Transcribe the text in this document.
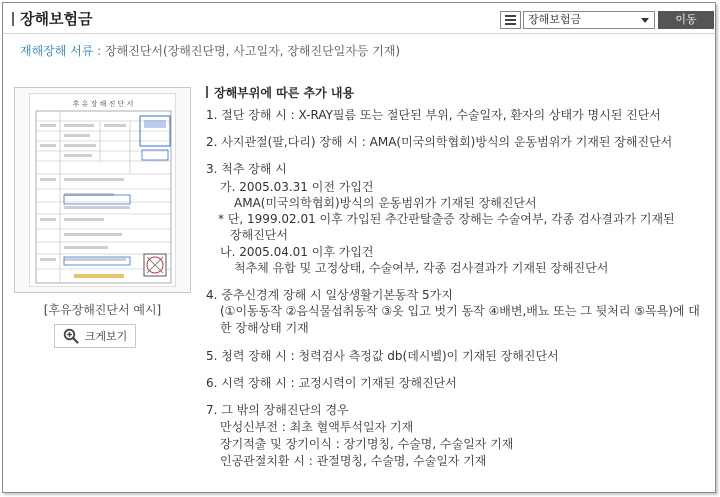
장해보험금	장해보험금	이동
재해장해 서류 : 장해진단서(장해진단명, 사고일자, 장해진단일자등 기재)
후 유 장 해 진 단 서
[후유장해진단서 예시]
크게보기
장해부위에 따른 추가 내용
1. 절단 장해 시 : X-RAY필름 또는 절단된 부위, 수술일자, 환자의 상태가 명시된 진단서
2. 사지관절(팔,다리) 장해 시 : AMA(미국의학협회)방식의 운동범위가 기재된 장해진단서
3. 척추 장해 시
가. 2005.03.31 이전 가입건
AMA(미국의학협회)방식의 운동범위가 기재된 장해진단서
* 단, 1999.02.01 이후 가입된 추간판탈출증 장해는 수술여부, 각종 검사결과가 기재된
장해진단서
나. 2005.04.01 이후 가입건
척추체 유합 및 고정상태, 수술여부, 각종 검사결과가 기재된 장해진단서
4. 중추신경계 장해 시 일상생활기본동작 5가지
(①이동동작 ②음식물섭취동작 ③옷 입고 벗기 동작 ④배변,배뇨 또는 그 뒷처리 ⑤목욕)에 대한 장해상태 기재
5. 청력 장해 시 : 청력검사 측정값 db(데시벨)이 기재된 장해진단서
6. 시력 장해 시 : 교정시력이 기재된 장해진단서
7. 그 밖의 장해진단의 경우
만성신부전 : 최초 혈액투석일자 기재
장기적출 및 장기이식 : 장기명칭, 수술명, 수술일자 기재
인공관절치환 시 : 관절명칭, 수술명, 수술일자 기재
